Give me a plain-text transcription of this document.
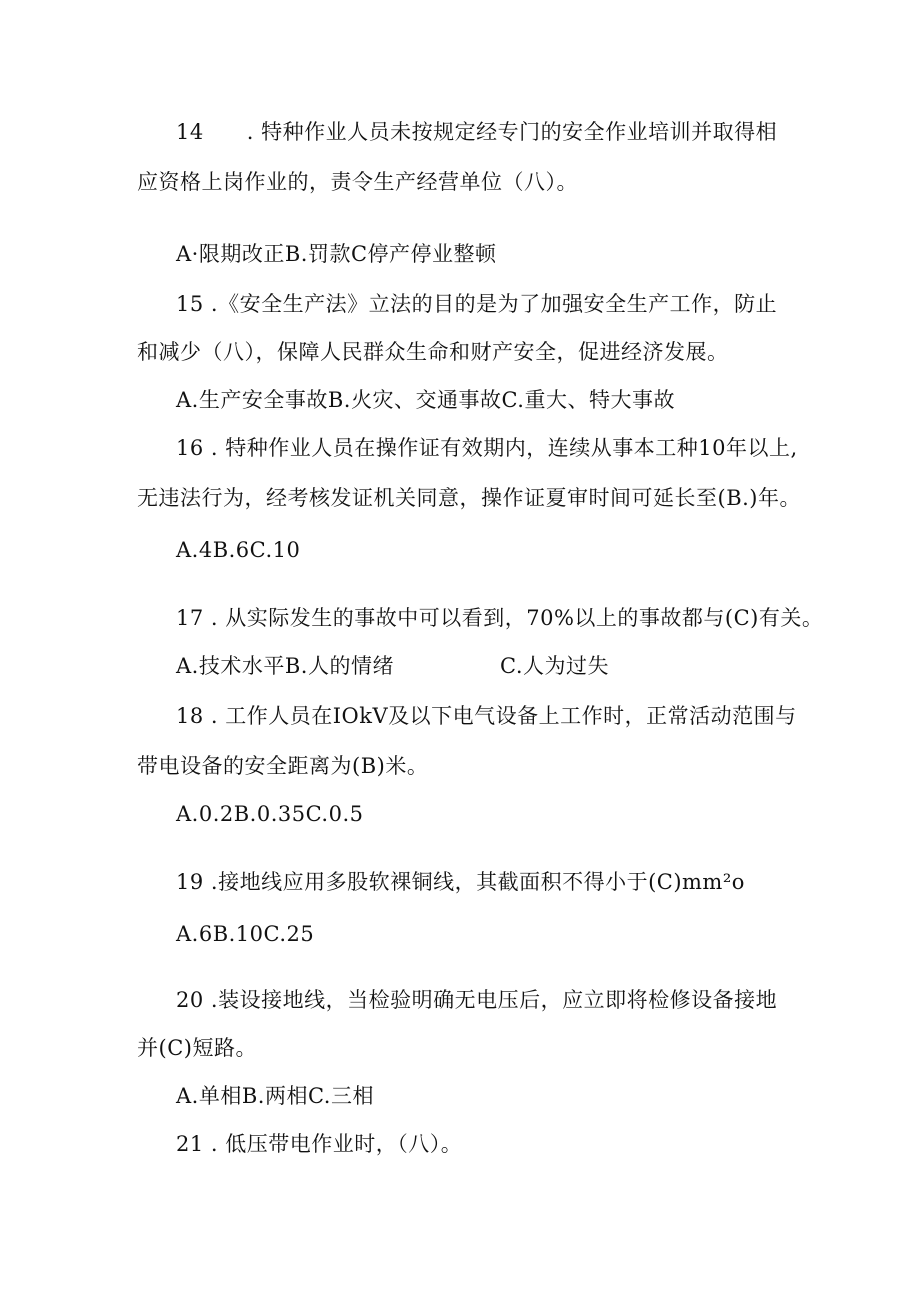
14　　. 特种作业人员未按规定经专门的安全作业培训并取得相
应资格上岗作业的，责令生产经营单位（八）。
A·限期改正B.罚款C停产停业整顿
15 .《安全生产法》立法的目的是为了加强安全生产工作，防止
和减少（八），保障人民群众生命和财产安全，促进经济发展。
A.生产安全事故B.火灾、交通事故C.重大、特大事故
16 . 特种作业人员在操作证有效期内，连续从事本工种10年以上,
无违法行为，经考核发证机关同意，操作证夏审时间可延长至(B.)年。
A.4B.6C.10
17 . 从实际发生的事故中可以看到，70%以上的事故都与(C)有关。
A.技术水平B.人的情绪	C.人为过失
18 . 工作人员在IOkV及以下电气设备上工作时，正常活动范围与
带电设备的安全距离为(B)米。
A.0.2B.0.35C.0.5
19 .接地线应用多股软裸铜线，其截面积不得小于(C)mm²o
A.6B.10C.25
20 .装设接地线，当检验明确无电压后，应立即将检修设备接地
并(C)短路。
A.单相B.两相C.三相
21 . 低压带电作业时，（八）。
